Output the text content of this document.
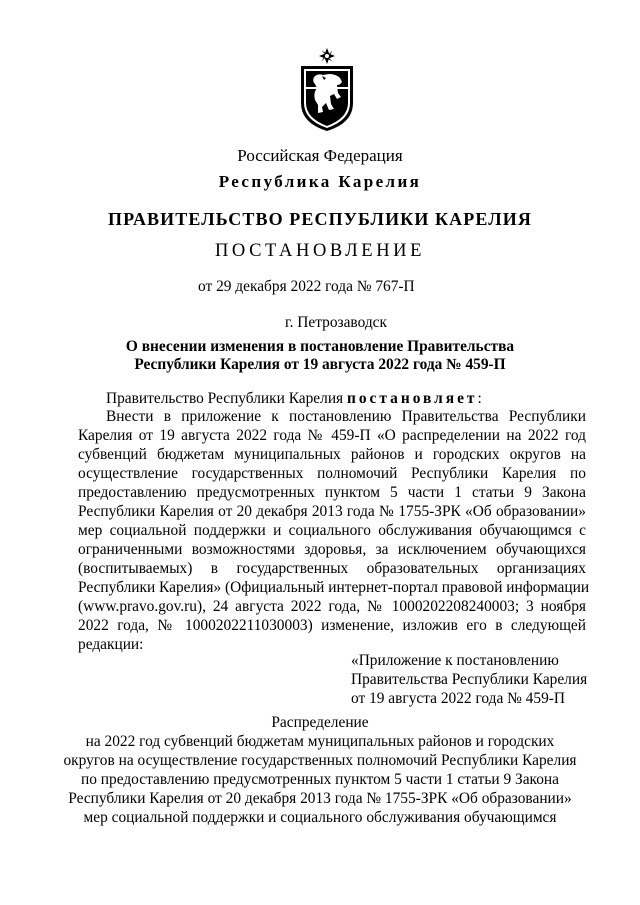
Российская Федерация
Республика Карелия
ПРАВИТЕЛЬСТВО РЕСПУБЛИКИ КАРЕЛИЯ
ПОСТАНОВЛЕНИЕ
от 29 декабря 2022 года № 767-П
г. Петрозаводск
О внесении изменения в постановление Правительства
Республики Карелия от 19 августа 2022 года № 459-П
Правительство Республики Карелия постановляет:
Внести в приложение к постановлению Правительства Республики
Карелия от 19 августа 2022 года № 459-П «О распределении на 2022 год
субвенций бюджетам муниципальных районов и городских округов на
осуществление государственных полномочий Республики Карелия по
предоставлению предусмотренных пунктом 5 части 1 статьи 9 Закона
Республики Карелия от 20 декабря 2013 года № 1755-ЗРК «Об образовании»
мер социальной поддержки и социального обслуживания обучающимся с
ограниченными возможностями здоровья, за исключением обучающихся
(воспитываемых) в государственных образовательных организациях
Республики Карелия» (Официальный интернет-портал правовой информации
(www.pravo.gov.ru), 24 августа 2022 года, № 1000202208240003; 3 ноября
2022 года, № 1000202211030003) изменение, изложив его в следующей
редакции:
«Приложение к постановлению
Правительства Республики Карелия
от 19 августа 2022 года № 459-П
Распределение
на 2022 год субвенций бюджетам муниципальных районов и городских
округов на осуществление государственных полномочий Республики Карелия
по предоставлению предусмотренных пунктом 5 части 1 статьи 9 Закона
Республики Карелия от 20 декабря 2013 года № 1755-ЗРК «Об образовании»
мер социальной поддержки и социального обслуживания обучающимся
